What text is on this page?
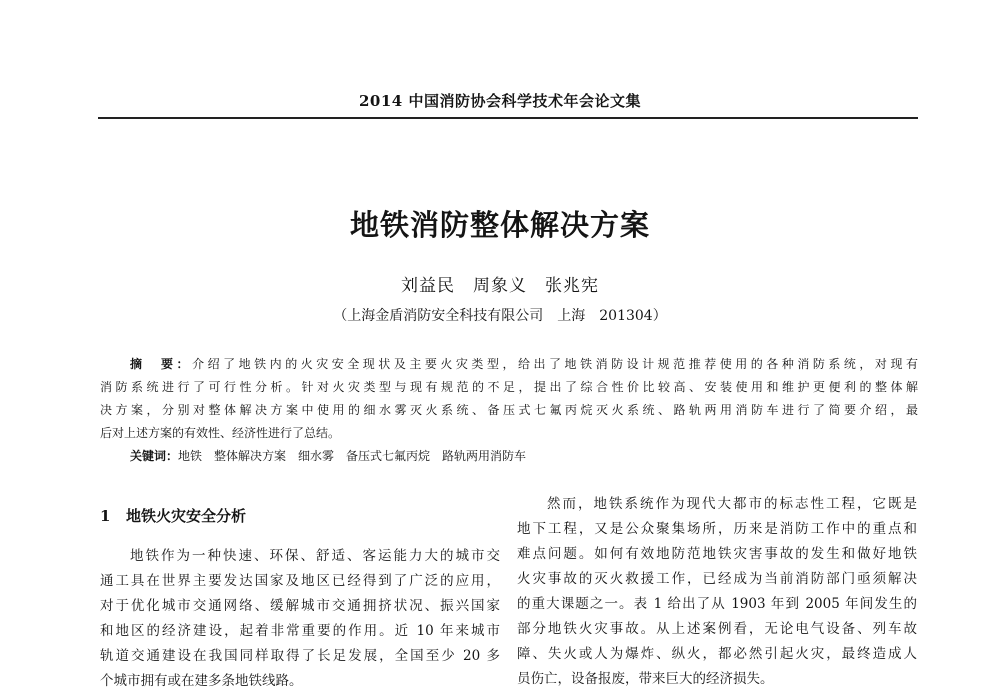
2014 中国消防协会科学技术年会论文集
地铁消防整体解决方案
刘益民 周象义 张兆宪
（上海金盾消防安全科技有限公司　上海　201304）
摘　要：介绍了地铁内的火灾安全现状及主要火灾类型，给出了地铁消防设计规范推荐使用的各种消防系统，对现有
消防系统进行了可行性分析。针对火灾类型与现有规范的不足，提出了综合性价比较高、安装使用和维护更便利的整体解
决方案，分别对整体解决方案中使用的细水雾灭火系统、备压式七氟丙烷灭火系统、路轨两用消防车进行了简要介绍，最
后对上述方案的有效性、经济性进行了总结。
关键词：地铁　整体解决方案　细水雾　备压式七氟丙烷　路轨两用消防车
1 地铁火灾安全分析
地铁作为一种快速、环保、舒适、客运能力大的城市交
通工具在世界主要发达国家及地区已经得到了广泛的应用，
对于优化城市交通网络、缓解城市交通拥挤状况、振兴国家
和地区的经济建设，起着非常重要的作用。近 10 年来城市
轨道交通建设在我国同样取得了长足发展，全国至少 20 多
个城市拥有或在建多条地铁线路。
然而，地铁系统作为现代大都市的标志性工程，它既是
地下工程，又是公众聚集场所，历来是消防工作中的重点和
难点问题。如何有效地防范地铁灾害事故的发生和做好地铁
火灾事故的灭火救援工作，已经成为当前消防部门亟须解决
的重大课题之一。表 1 给出了从 1903 年到 2005 年间发生的
部分地铁火灾事故。从上述案例看，无论电气设备、列车故
障、失火或人为爆炸、纵火，都必然引起火灾，最终造成人
员伤亡，设备报废，带来巨大的经济损失。
